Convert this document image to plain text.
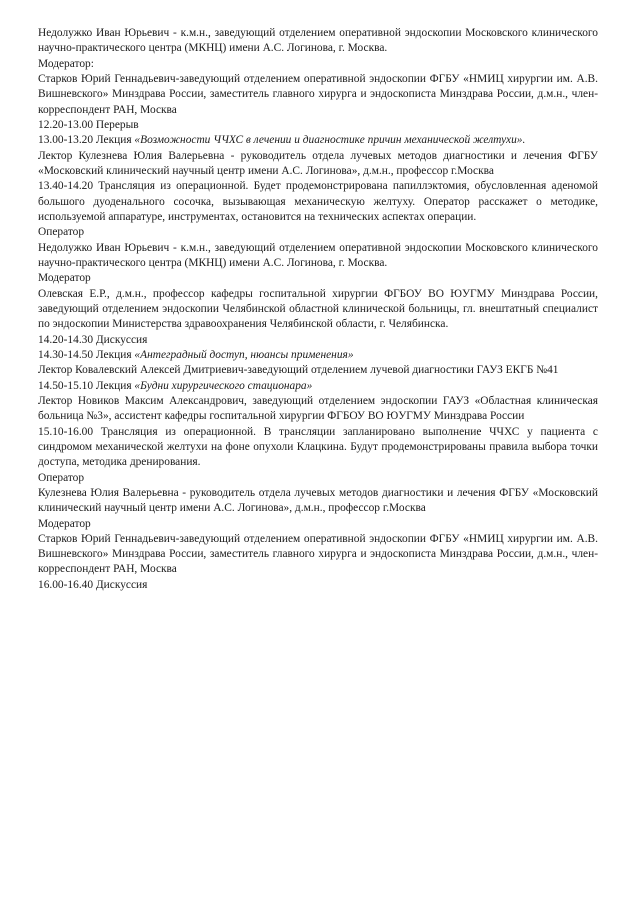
Недолужко Иван Юрьевич - к.м.н., заведующий отделением оперативной эндоскопии Московского клинического научно-практического центра (МКНЦ) имени А.С. Логинова, г. Москва.

Модератор:

Старков Юрий Геннадьевич-заведующий отделением оперативной эндоскопии ФГБУ «НМИЦ хирургии им. А.В. Вишневского» Минздрава России, заместитель главного хирурга и эндоскописта Минздрава России, д.м.н., член-корреспондент РАН, Москва

12.20-13.00 Перерыв

13.00-13.20 Лекция «Возможности ЧЧХС в лечении и диагностике причин механической желтухи».

Лектор Кулезнева Юлия Валерьевна - руководитель отдела лучевых методов диагностики и лечения ФГБУ «Московский клинический научный центр имени А.С. Логинова», д.м.н., профессор г.Москва

13.40-14.20 Трансляция из операционной. Будет продемонстрирована папиллэктомия, обусловленная аденомой большого дуоденального сосочка, вызывающая механическую желтуху. Оператор расскажет о методике, используемой аппаратуре, инструментах, остановится на технических аспектах операции.

Оператор

Недолужко Иван Юрьевич - к.м.н., заведующий отделением оперативной эндоскопии Московского клинического научно-практического центра (МКНЦ) имени А.С. Логинова, г. Москва.

Модератор

Олевская Е.Р., д.м.н., профессор кафедры госпитальной хирургии ФГБОУ ВО ЮУГМУ Минздрава России, заведующий отделением эндоскопии Челябинской областной клинической больницы, гл. внештатный специалист по эндоскопии Министерства здравоохранения Челябинской области, г. Челябинска.

14.20-14.30 Дискуссия

14.30-14.50 Лекция «Антеградный доступ, нюансы применения»

Лектор Ковалевский Алексей Дмитриевич-заведующий отделением лучевой диагностики ГАУЗ ЕКГБ №41

14.50-15.10 Лекция «Будни хирургического стационара»

Лектор Новиков Максим Александрович, заведующий отделением эндоскопии ГАУЗ «Областная клиническая больница №3», ассистент кафедры госпитальной хирургии ФГБОУ ВО ЮУГМУ Минздрава России

15.10-16.00 Трансляция из операционной. В трансляции запланировано выполнение ЧЧХС у пациента с синдромом механической желтухи на фоне опухоли Клацкина. Будут продемонстрированы правила выбора точки доступа, методика дренирования.

Оператор

Кулезнева Юлия Валерьевна - руководитель отдела лучевых методов диагностики и лечения ФГБУ «Московский клинический научный центр имени А.С. Логинова», д.м.н., профессор г.Москва

Модератор

Старков Юрий Геннадьевич-заведующий отделением оперативной эндоскопии ФГБУ «НМИЦ хирургии им. А.В. Вишневского» Минздрава России, заместитель главного хирурга и эндоскописта Минздрава России, д.м.н., член-корреспондент РАН, Москва

16.00-16.40 Дискуссия
